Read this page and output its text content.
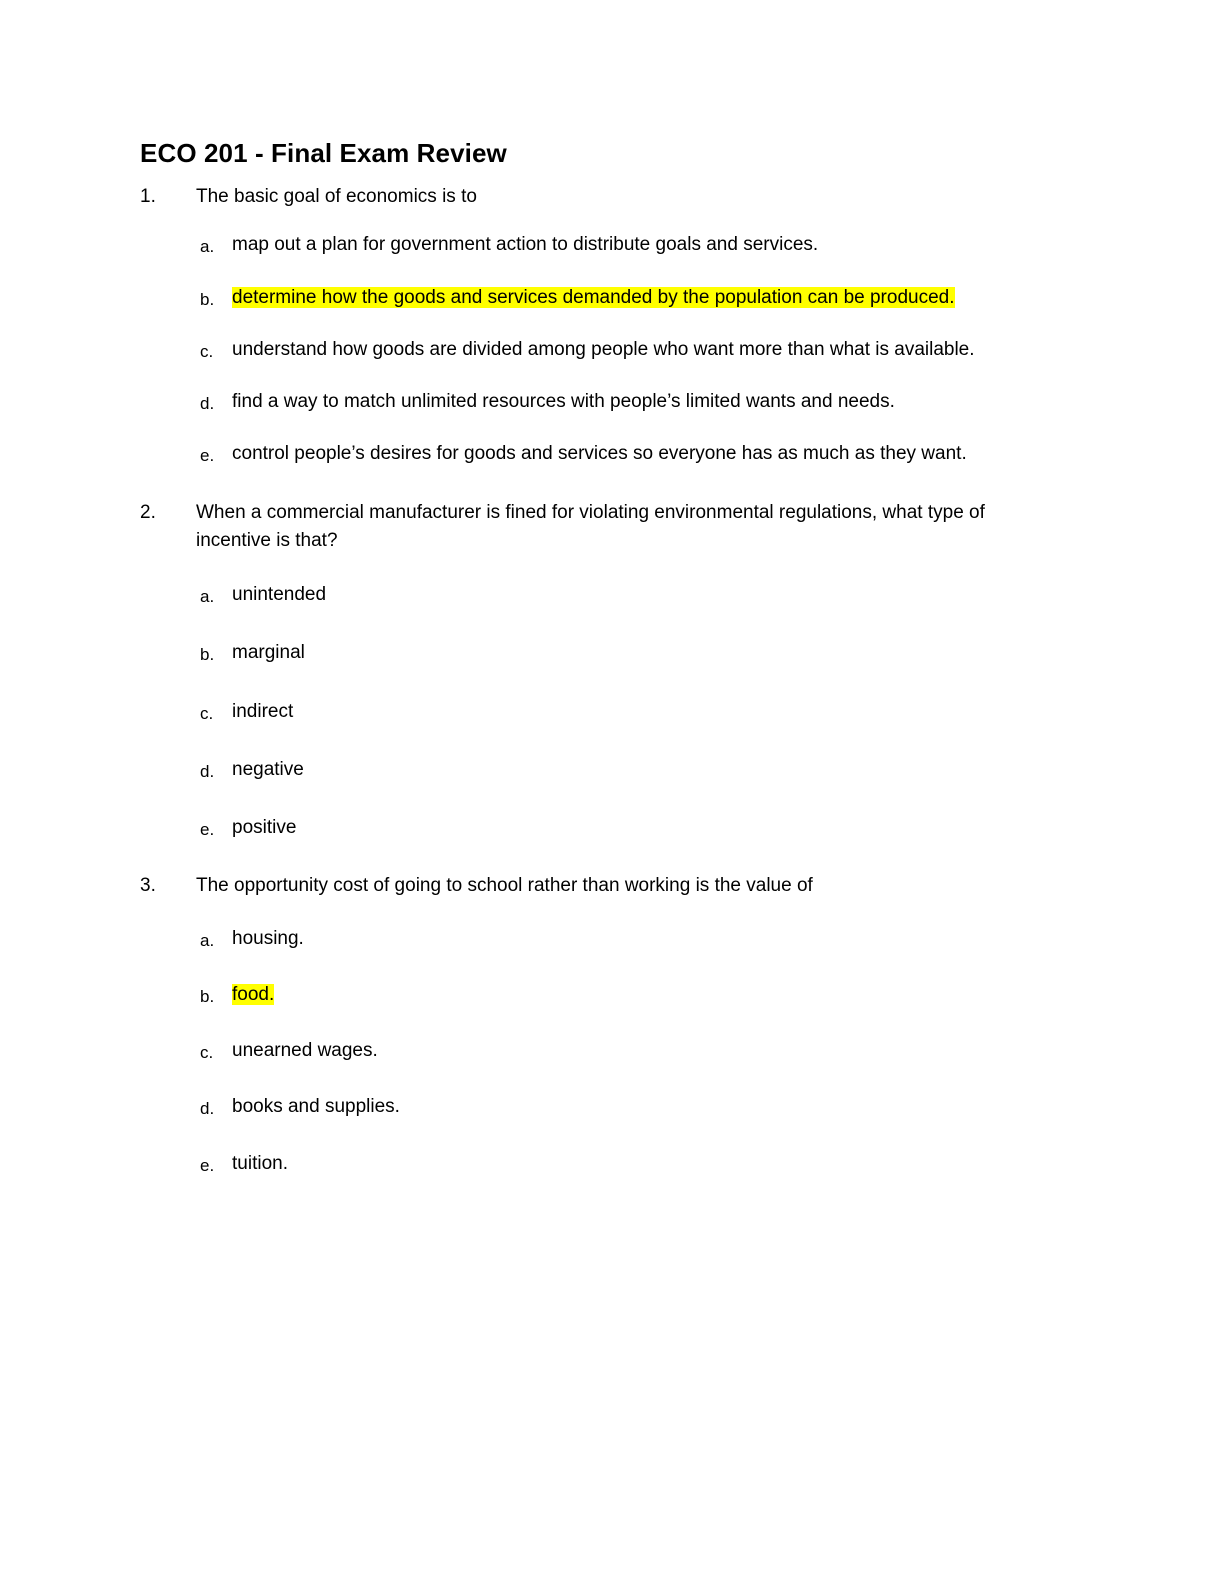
ECO 201 - Final Exam Review
1.	The basic goal of economics is to
a. map out a plan for government action to distribute goals and services.
b. determine how the goods and services demanded by the population can be produced.
c. understand how goods are divided among people who want more than what is available.
d. find a way to match unlimited resources with people’s limited wants and needs.
e. control people’s desires for goods and services so everyone has as much as they want.
2.	When a commercial manufacturer is fined for violating environmental regulations, what type of incentive is that?
a. unintended
b. marginal
c. indirect
d. negative
e. positive
3.	The opportunity cost of going to school rather than working is the value of
a. housing.
b. food.
c. unearned wages.
d. books and supplies.
e. tuition.
